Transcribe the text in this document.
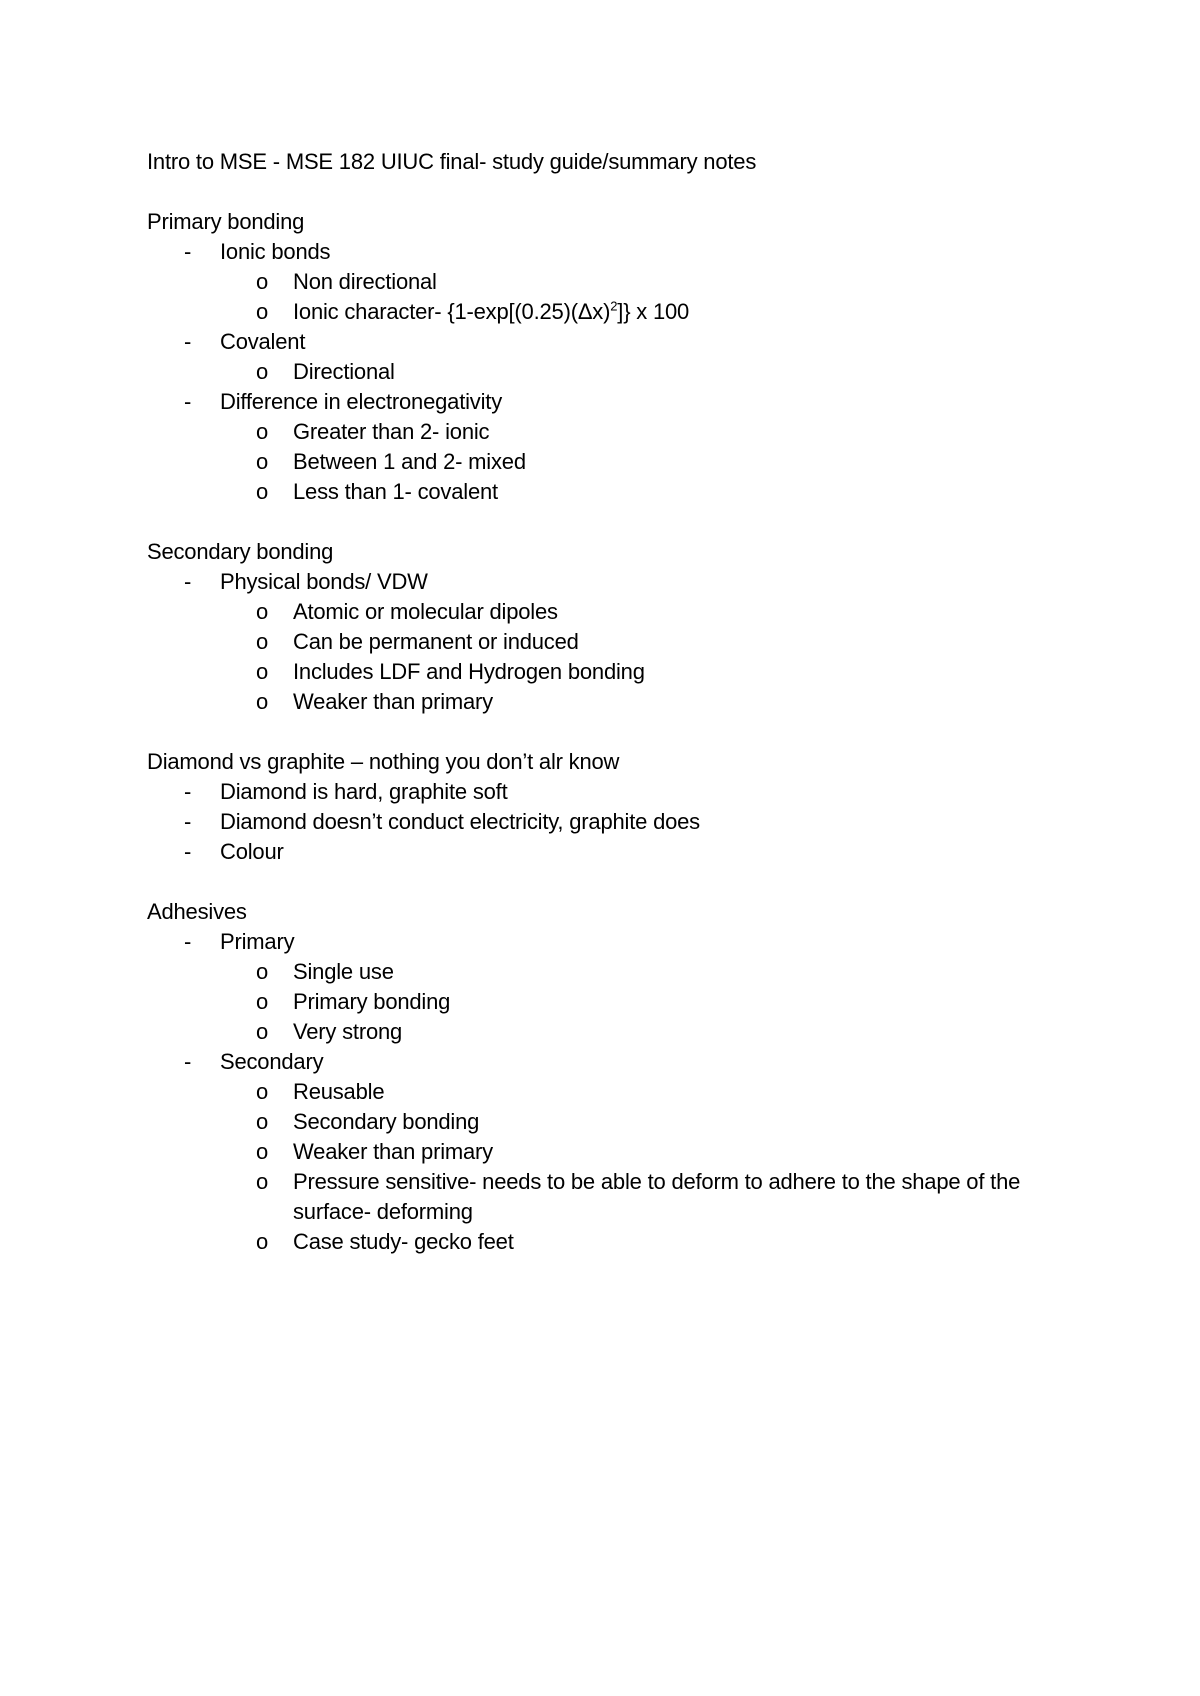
Intro to MSE - MSE 182 UIUC final- study guide/summary notes
Primary bonding
- Ionic bonds
o Non directional
o Ionic character- $\{1-\exp[(0.25)(\Delta x)^2]\}$ x 100
- Covalent
o Directional
- Difference in electronegativity
o Greater than 2- ionic
o Between 1 and 2- mixed
o Less than 1- covalent
Secondary bonding
- Physical bonds/ VDW
o Atomic or molecular dipoles
o Can be permanent or induced
o Includes LDF and Hydrogen bonding
o Weaker than primary
Diamond vs graphite – nothing you don’t alr know
- Diamond is hard, graphite soft
- Diamond doesn’t conduct electricity, graphite does
- Colour
Adhesives
- Primary
o Single use
o Primary bonding
o Very strong
- Secondary
o Reusable
o Secondary bonding
o Weaker than primary
o Pressure sensitive- needs to be able to deform to adhere to the shape of the
surface- deforming
o Case study- gecko feet
